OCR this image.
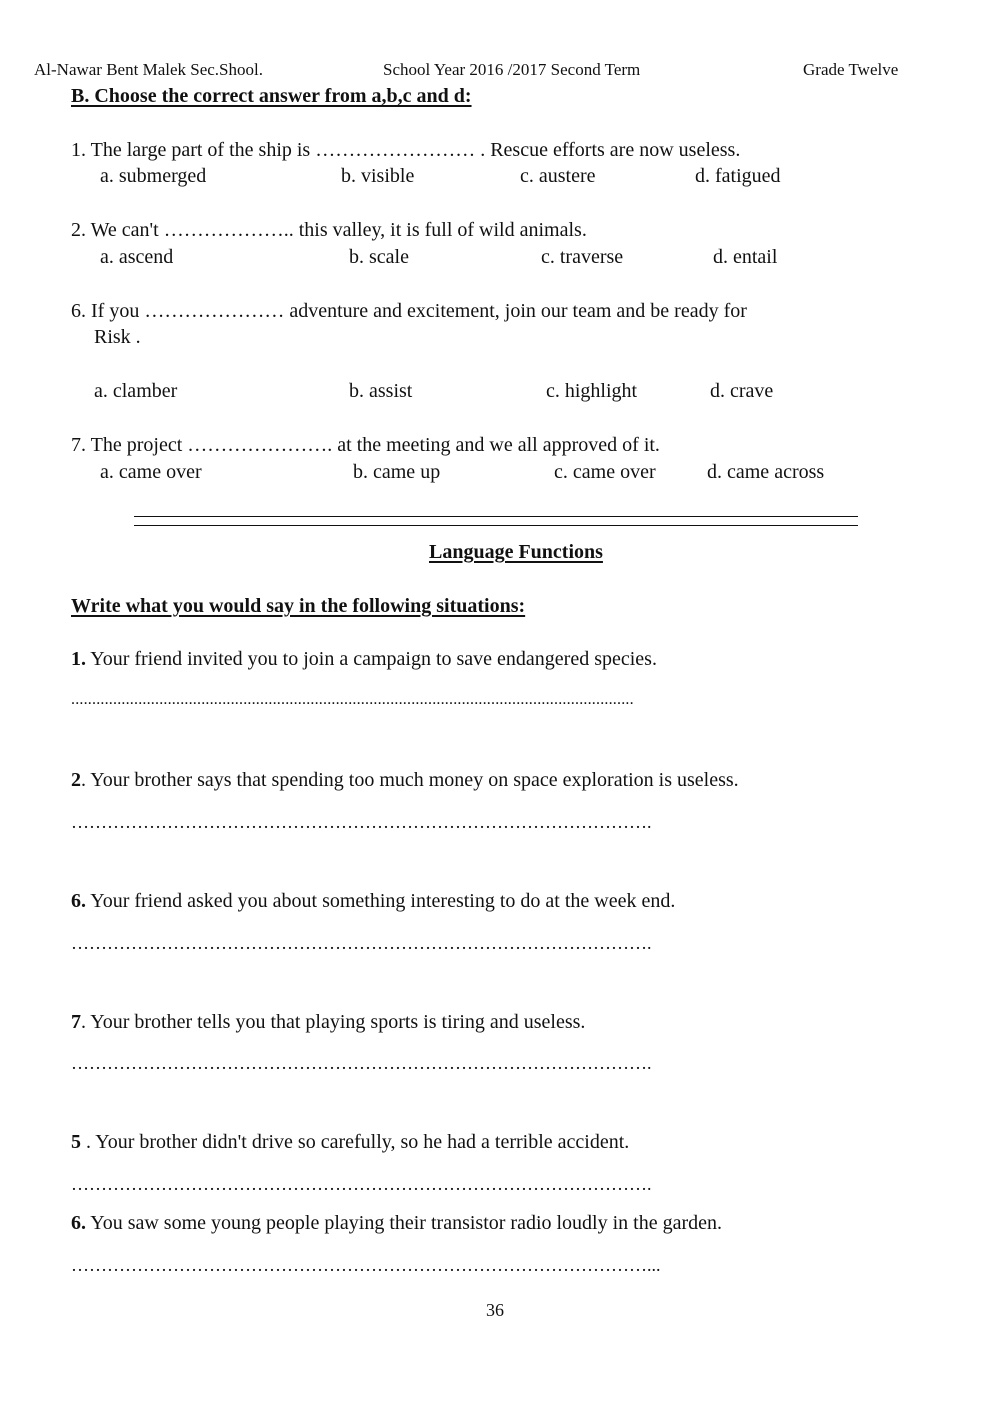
Al-Nawar Bent Malek Sec.Shool.	School Year 2016 /2017 Second Term	Grade Twelve
B. Choose the correct answer from a,b,c and d:
1. The large part of the ship is …………………… . Rescue efforts are now useless.
a. submerged	b. visible	c. austere	d. fatigued
2. We can't ……………….. this valley, it is full of wild animals.
a. ascend	b. scale	c. traverse	d. entail
6. If you ………………… adventure and excitement, join our team and be ready for
Risk .
a. clamber	b. assist	c. highlight	d. crave
7. The project …………………. at the meeting and we all approved of it.
a. came over	b. came up	c. came over	d. came across
Language Functions
Write what you would say in the following situations:
1. Your friend invited you to join a campaign to save endangered species.
......................................................................................................................................
2. Your brother says that spending too much money on space exploration is useless.
…………………………………………………………………………………….
6. Your friend asked you about something interesting to do at the week end.
…………………………………………………………………………………….
7. Your brother tells you that playing sports is tiring and useless.
…………………………………………………………………………………….
5 . Your brother didn't drive so carefully, so he had a terrible accident.
…………………………………………………………………………………….
6. You saw some young people playing their transistor radio loudly in the garden.
……………………………………………………………………………………...
36
